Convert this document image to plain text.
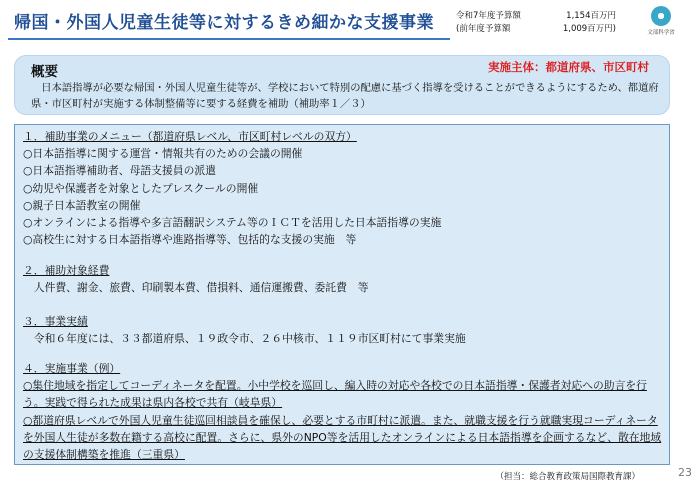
帰国・外国人児童生徒等に対するきめ細かな支援事業	令和7年度予算額	1,154百万円
(前年度予算額	1,009百万円)	文部科学省
概要	実施主体：都道府県、市区町村
　日本語指導が必要な帰国・外国人児童生徒等が、学校において特別の配慮に基づく指導を受けることができるようにするため、都道府県・市区町村が実施する体制整備等に要する経費を補助（補助率１／３）
１．補助事業のメニュー（都道府県レベル、市区町村レベルの双方）
○日本語指導に関する運営・情報共有のための会議の開催
○日本語指導補助者、母語支援員の派遣
○幼児や保護者を対象としたプレスクールの開催
○親子日本語教室の開催
○オンラインによる指導や多言語翻訳システム等のＩＣＴを活用した日本語指導の実施
○高校生に対する日本語指導や進路指導等、包括的な支援の実施　等
２．補助対象経費
　人件費、謝金、旅費、印刷製本費、借損料、通信運搬費、委託費　等
３．事業実績
　令和６年度には、３３都道府県、１９政令市、２６中核市、１１９市区町村にて事業実施
４．実施事業（例）
○集住地域を指定してコーディネータを配置。小中学校を巡回し、編入時の対応や各校での日本語指導・保護者対応への助言を行う。実践で得られた成果は県内各校で共有（岐阜県）
○都道府県レベルで外国人児童生徒巡回相談員を確保し、必要とする市町村に派遣。また、就職支援を行う就職実現コーディネータを外国人生徒が多数在籍する高校に配置。さらに、県外のNPO等を活用したオンラインによる日本語指導を企画するなど、散在地域の支援体制構築を推進（三重県）
（担当：総合教育政策局国際教育課）	23
